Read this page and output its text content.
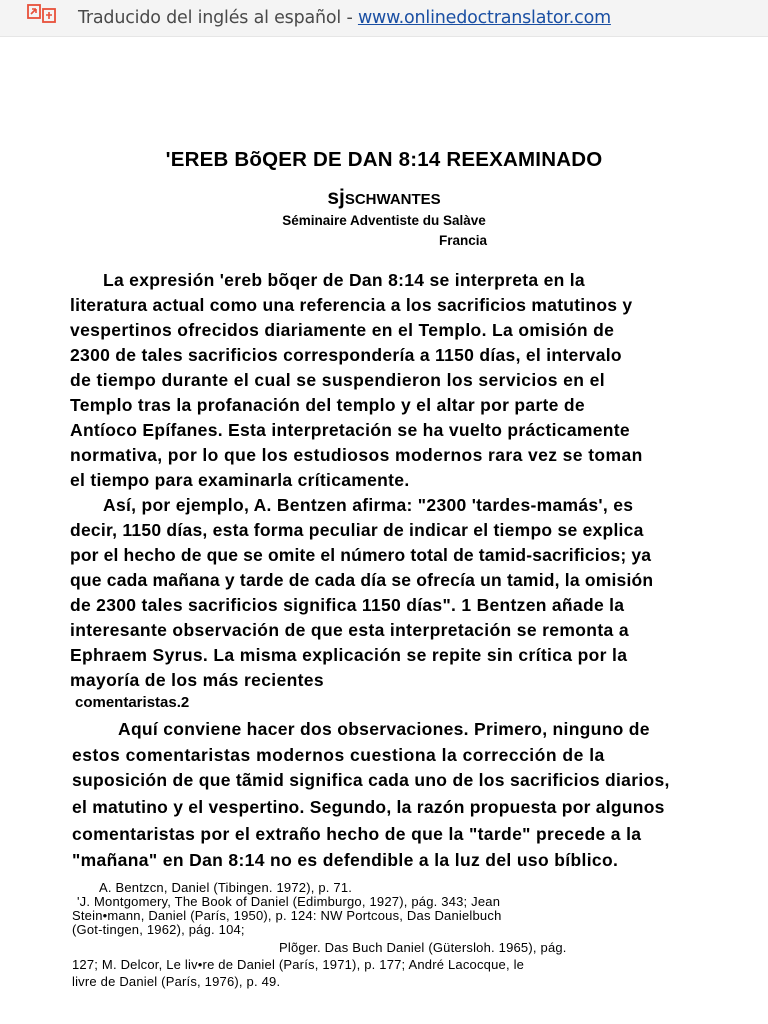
Traducido del inglés al español - www.onlinedoctranslator.com
'EREB BõQER DE DAN 8:14 REEXAMINADO
sjSCHWANTES
Séminaire Adventiste du Salàve
Francia
La expresión 'ereb bõqer de Dan 8:14 se interpreta en la
literatura actual como una referencia a los sacrificios matutinos y
vespertinos ofrecidos diariamente en el Templo. La omisión de
2300 de tales sacrificios correspondería a 1150 días, el intervalo
de tiempo durante el cual se suspendieron los servicios en el
Templo tras la profanación del templo y el altar por parte de
Antíoco Epífanes. Esta interpretación se ha vuelto prácticamente
normativa, por lo que los estudiosos modernos rara vez se toman
el tiempo para examinarla críticamente.
Así, por ejemplo, A. Bentzen afirma: "2300 'tardes-mamás', es
decir, 1150 días, esta forma peculiar de indicar el tiempo se explica
por el hecho de que se omite el número total de tamid-sacrificios; ya
que cada mañana y tarde de cada día se ofrecía un tamid, la omisión
de 2300 tales sacrificios significa 1150 días". 1 Bentzen añade la
interesante observación de que esta interpretación se remonta a
Ephraem Syrus. La misma explicación se repite sin crítica por la
mayoría de los más recientes
comentaristas.2
Aquí conviene hacer dos observaciones. Primero, ninguno de
estos comentaristas modernos cuestiona la corrección de la
suposición de que tãmid significa cada uno de los sacrificios diarios,
el matutino y el vespertino. Segundo, la razón propuesta por algunos
comentaristas por el extraño hecho de que la "tarde" precede a la
"mañana" en Dan 8:14 no es defendible a la luz del uso bíblico.
A. Bentzcn, Daniel (Tibingen. 1972), p. 71.
'J. Montgomery, The Book of Daniel (Edimburgo, 1927), pág. 343; Jean
Stein•mann, Daniel (París, 1950), p. 124: NW Portcous, Das Danielbuch
(Got-tingen, 1962), pág. 104;
Plõger. Das Buch Daniel (Gütersloh. 1965), pág.
127; M. Delcor, Le liv•re de Daniel (París, 1971), p. 177; André Lacocque, le
livre de Daniel (París, 1976), p. 49.
